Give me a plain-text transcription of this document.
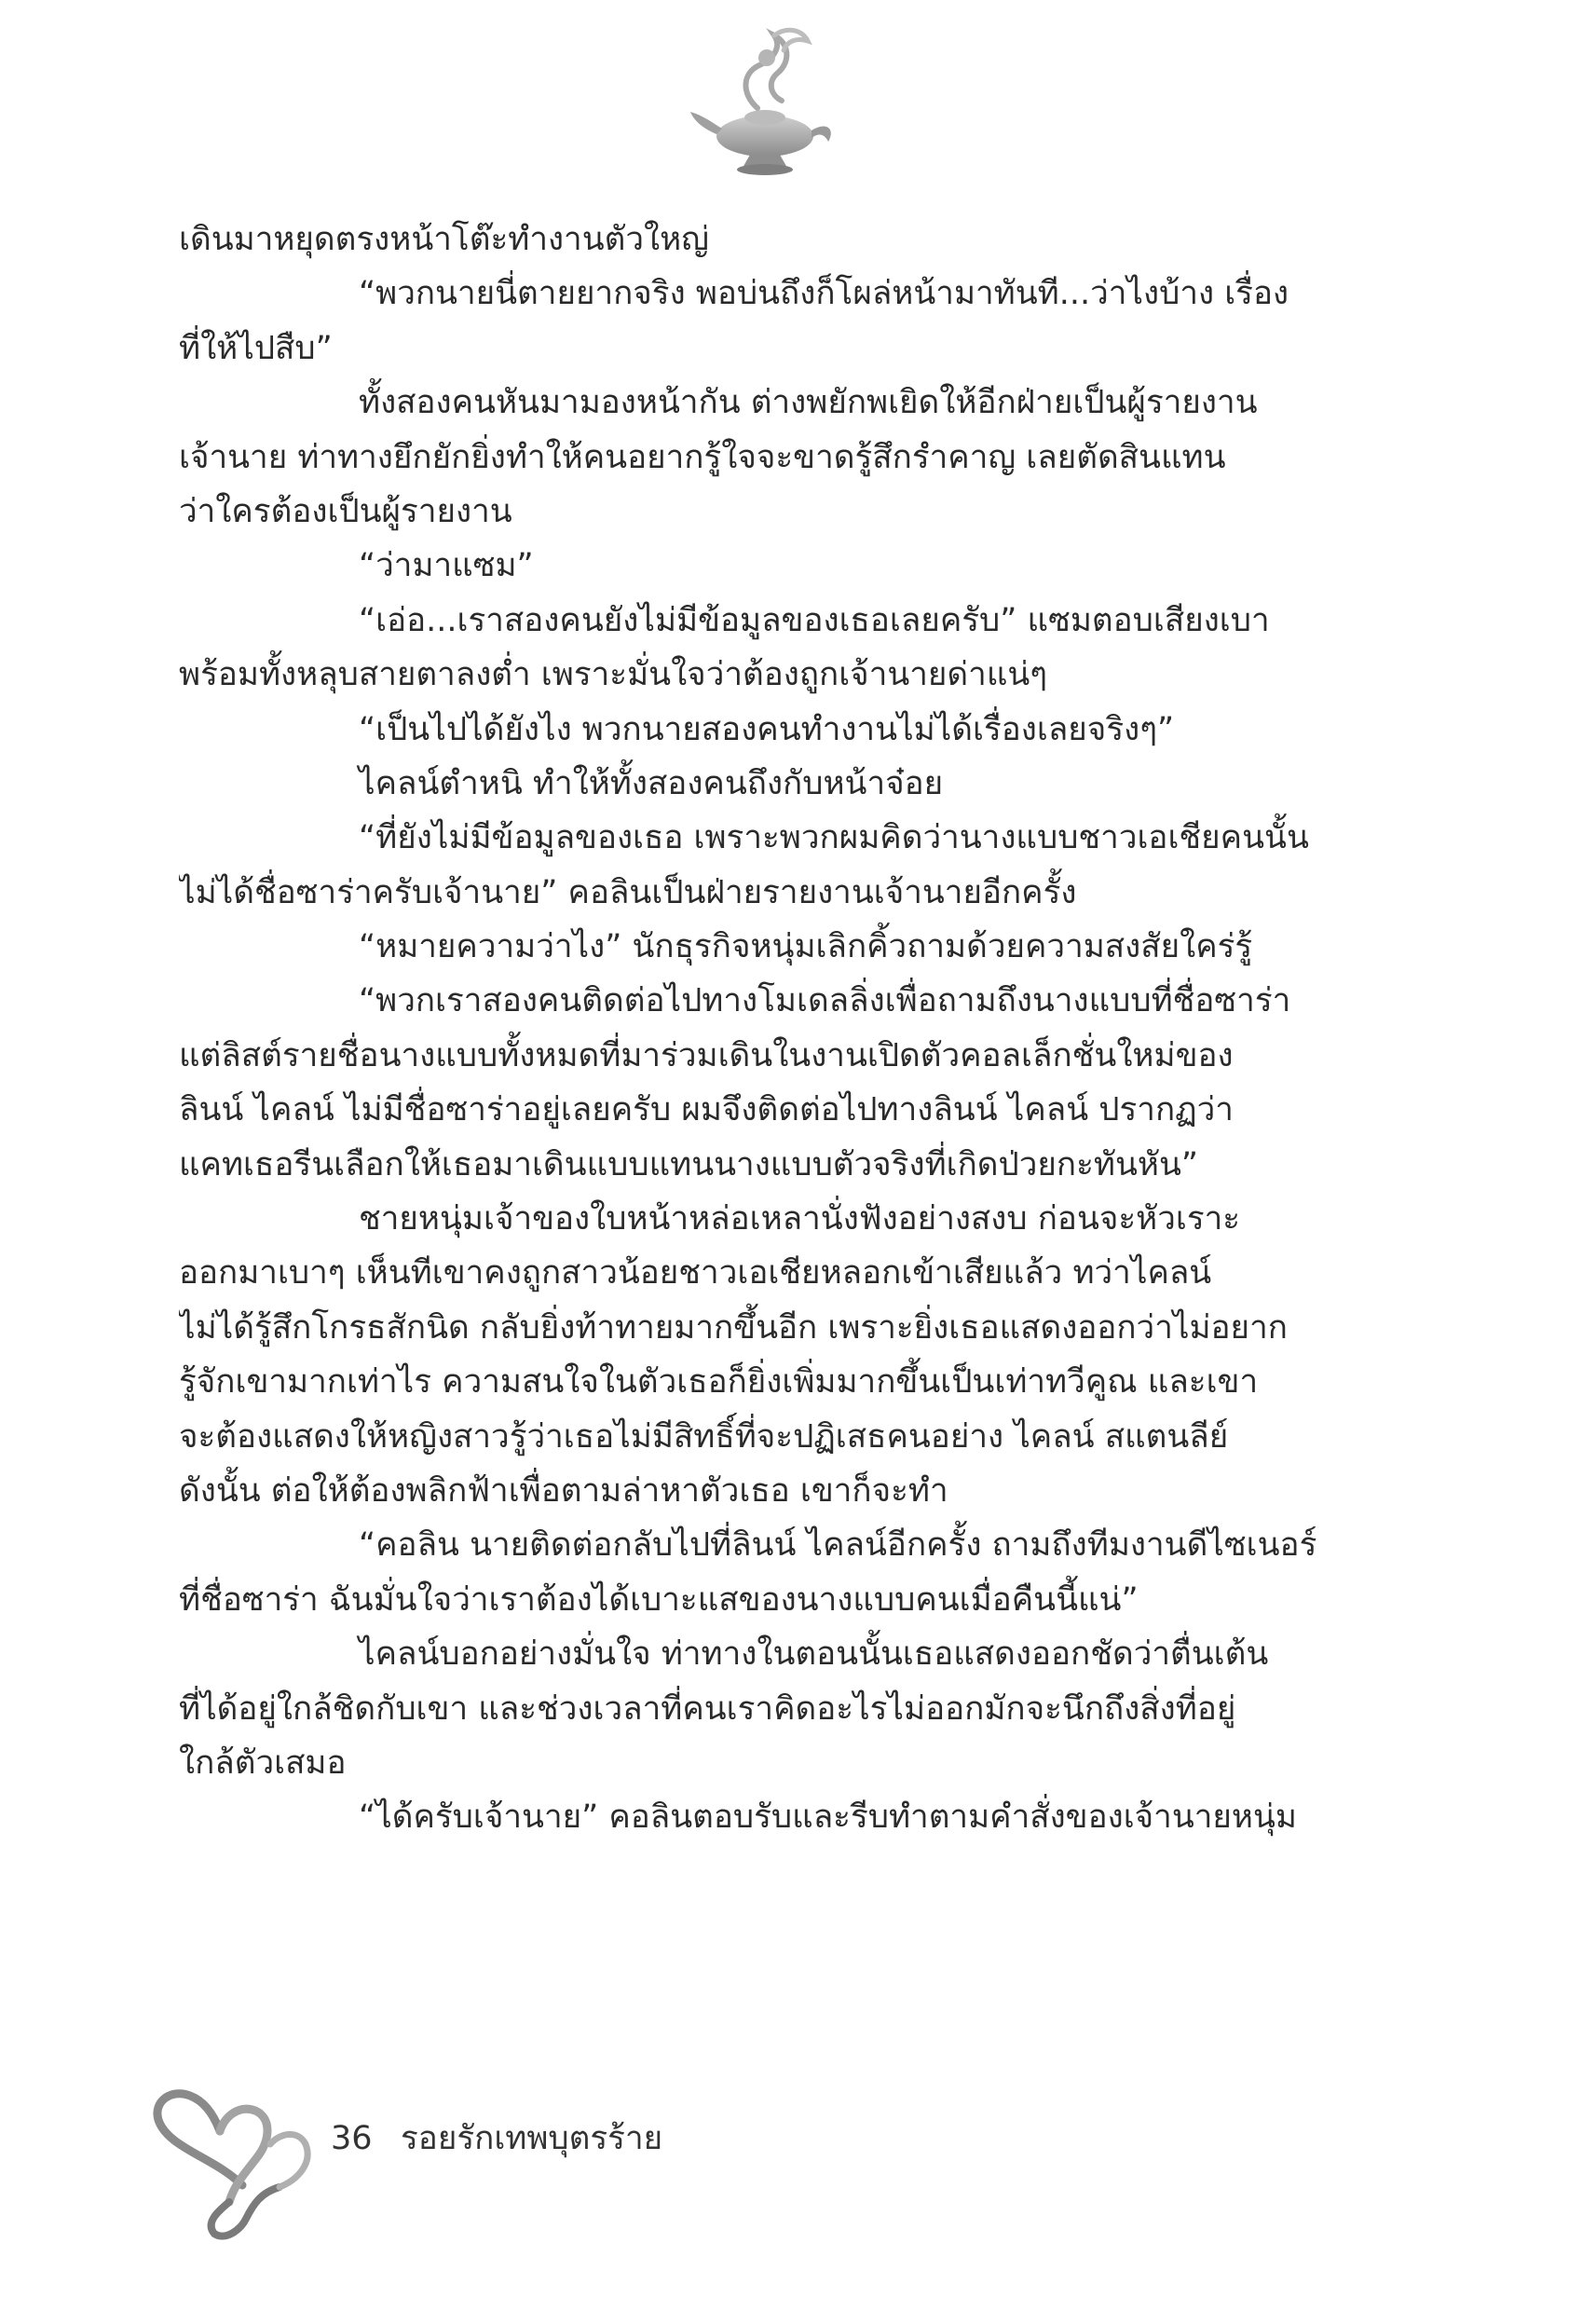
เดินมาหยุดตรงหน้าโต๊ะทำงานตัวใหญ่
“พวกนายนี่ตายยากจริง พอบ่นถึงก็โผล่หน้ามาทันที...ว่าไงบ้าง เรื่อง
ที่ให้ไปสืบ”
ทั้งสองคนหันมามองหน้ากัน ต่างพยักพเยิดให้อีกฝ่ายเป็นผู้รายงาน
เจ้านาย ท่าทางยึกยักยิ่งทำให้คนอยากรู้ใจจะขาดรู้สึกรำคาญ เลยตัดสินแทน
ว่าใครต้องเป็นผู้รายงาน
“ว่ามาแซม”
“เอ่อ...เราสองคนยังไม่มีข้อมูลของเธอเลยครับ” แซมตอบเสียงเบา
พร้อมทั้งหลุบสายตาลงต่ำ เพราะมั่นใจว่าต้องถูกเจ้านายด่าแน่ๆ
“เป็นไปได้ยังไง พวกนายสองคนทำงานไม่ได้เรื่องเลยจริงๆ”
ไคลน์ตำหนิ ทำให้ทั้งสองคนถึงกับหน้าจ๋อย
“ที่ยังไม่มีข้อมูลของเธอ เพราะพวกผมคิดว่านางแบบชาวเอเชียคนนั้น
ไม่ได้ชื่อซาร่าครับเจ้านาย” คอลินเป็นฝ่ายรายงานเจ้านายอีกครั้ง
“หมายความว่าไง” นักธุรกิจหนุ่มเลิกคิ้วถามด้วยความสงสัยใคร่รู้
“พวกเราสองคนติดต่อไปทางโมเดลลิ่งเพื่อถามถึงนางแบบที่ชื่อซาร่า
แต่ลิสต์รายชื่อนางแบบทั้งหมดที่มาร่วมเดินในงานเปิดตัวคอลเล็กชั่นใหม่ของ
ลินน์ ไคลน์ ไม่มีชื่อซาร่าอยู่เลยครับ ผมจึงติดต่อไปทางลินน์ ไคลน์ ปรากฏว่า
แคทเธอรีนเลือกให้เธอมาเดินแบบแทนนางแบบตัวจริงที่เกิดป่วยกะทันหัน”
ชายหนุ่มเจ้าของใบหน้าหล่อเหลานั่งฟังอย่างสงบ ก่อนจะหัวเราะ
ออกมาเบาๆ เห็นทีเขาคงถูกสาวน้อยชาวเอเชียหลอกเข้าเสียแล้ว ทว่าไคลน์
ไม่ได้รู้สึกโกรธสักนิด กลับยิ่งท้าทายมากขึ้นอีก เพราะยิ่งเธอแสดงออกว่าไม่อยาก
รู้จักเขามากเท่าไร ความสนใจในตัวเธอก็ยิ่งเพิ่มมากขึ้นเป็นเท่าทวีคูณ และเขา
จะต้องแสดงให้หญิงสาวรู้ว่าเธอไม่มีสิทธิ์ที่จะปฏิเสธคนอย่าง ไคลน์ สแตนลีย์
ดังนั้น ต่อให้ต้องพลิกฟ้าเพื่อตามล่าหาตัวเธอ เขาก็จะทำ
“คอลิน นายติดต่อกลับไปที่ลินน์ ไคลน์อีกครั้ง ถามถึงทีมงานดีไซเนอร์
ที่ชื่อซาร่า ฉันมั่นใจว่าเราต้องได้เบาะแสของนางแบบคนเมื่อคืนนี้แน่”
ไคลน์บอกอย่างมั่นใจ ท่าทางในตอนนั้นเธอแสดงออกชัดว่าตื่นเต้น
ที่ได้อยู่ใกล้ชิดกับเขา และช่วงเวลาที่คนเราคิดอะไรไม่ออกมักจะนึกถึงสิ่งที่อยู่
ใกล้ตัวเสมอ
“ได้ครับเจ้านาย” คอลินตอบรับและรีบทำตามคำสั่งของเจ้านายหนุ่ม
36 รอยรักเทพบุตรร้าย
